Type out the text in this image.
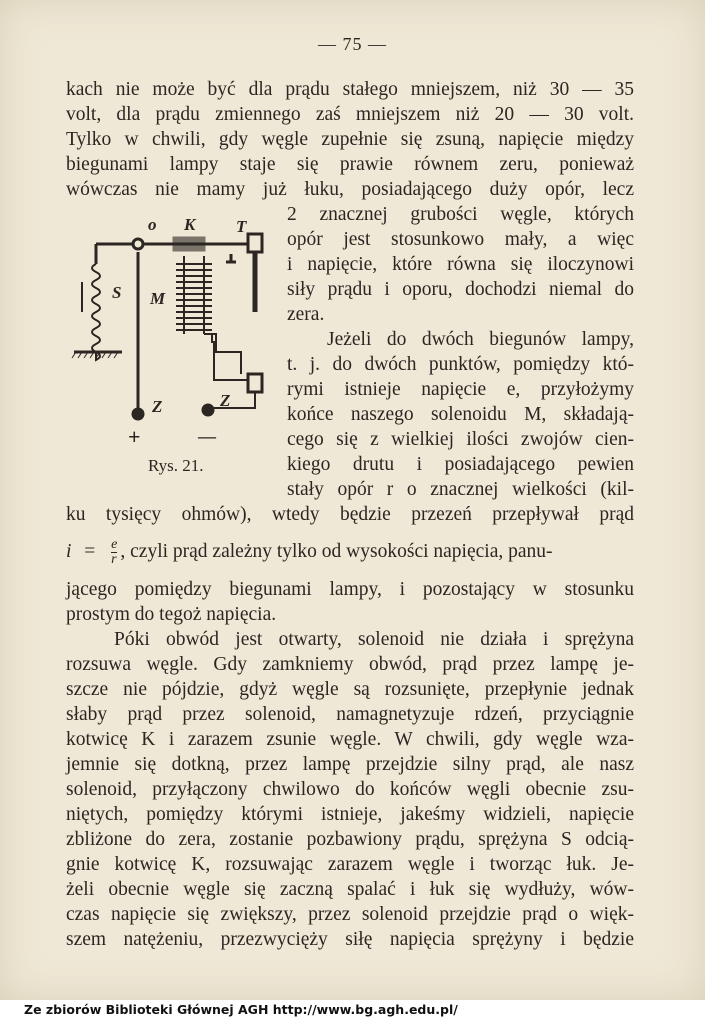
— 75 —
kach nie może być dla prądu stałego mniejszem, niż 30 — 35
volt, dla prądu zmiennego zaś mniejszem niż 20 — 30 volt.
Tylko w chwili, gdy węgle zupełnie się zsuną, napięcie między
biegunami lampy staje się prawie równem zeru, ponieważ
wówczas nie mamy już łuku, posiadającego duży opór, lecz
2 znacznej grubości węgle, których
opór jest stosunkowo mały, a więc
i napięcie, które równa się iloczynowi
siły prądu i oporu, dochodzi niemal do
zera.
Jeżeli do dwóch biegunów lampy,
t. j. do dwóch punktów, pomiędzy któ-
rymi istnieje napięcie e, przyłożymy
końce naszego solenoidu M, składają-
cego się z wielkiej ilości zwojów cien-
kiego drutu i posiadającego pewien
stały opór r o znacznej wielkości (kil-
o K T
S M
Z	Z
+	—
Rys. 21.
ku tysięcy ohmów), wtedy będzie przezeń przepływał prąd
$i = \frac{e}{r}$ , czyli prąd zależny tylko od wysokości napięcia, panu-
jącego pomiędzy biegunami lampy, i pozostający w stosunku
prostym do tegoż napięcia.
Póki obwód jest otwarty, solenoid nie działa i sprężyna
rozsuwa węgle. Gdy zamkniemy obwód, prąd przez lampę je-
szcze nie pójdzie, gdyż węgle są rozsunięte, przepłynie jednak
słaby prąd przez solenoid, namagnetyzuje rdzeń, przyciągnie
kotwicę K i zarazem zsunie węgle. W chwili, gdy węgle wza-
jemnie się dotkną, przez lampę przejdzie silny prąd, ale nasz
solenoid, przyłączony chwilowo do końców węgli obecnie zsu-
niętych, pomiędzy którymi istnieje, jakeśmy widzieli, napięcie
zbliżone do zera, zostanie pozbawiony prądu, sprężyna S odcią-
gnie kotwicę K, rozsuwając zarazem węgle i tworząc łuk. Je-
żeli obecnie węgle się zaczną spalać i łuk się wydłuży, wów-
czas napięcie się zwiększy, przez solenoid przejdzie prąd o więk-
szem natężeniu, przezwycięży siłę napięcia sprężyny i będzie
Ze zbiorów Biblioteki Głównej AGH http://www.bg.agh.edu.pl/
